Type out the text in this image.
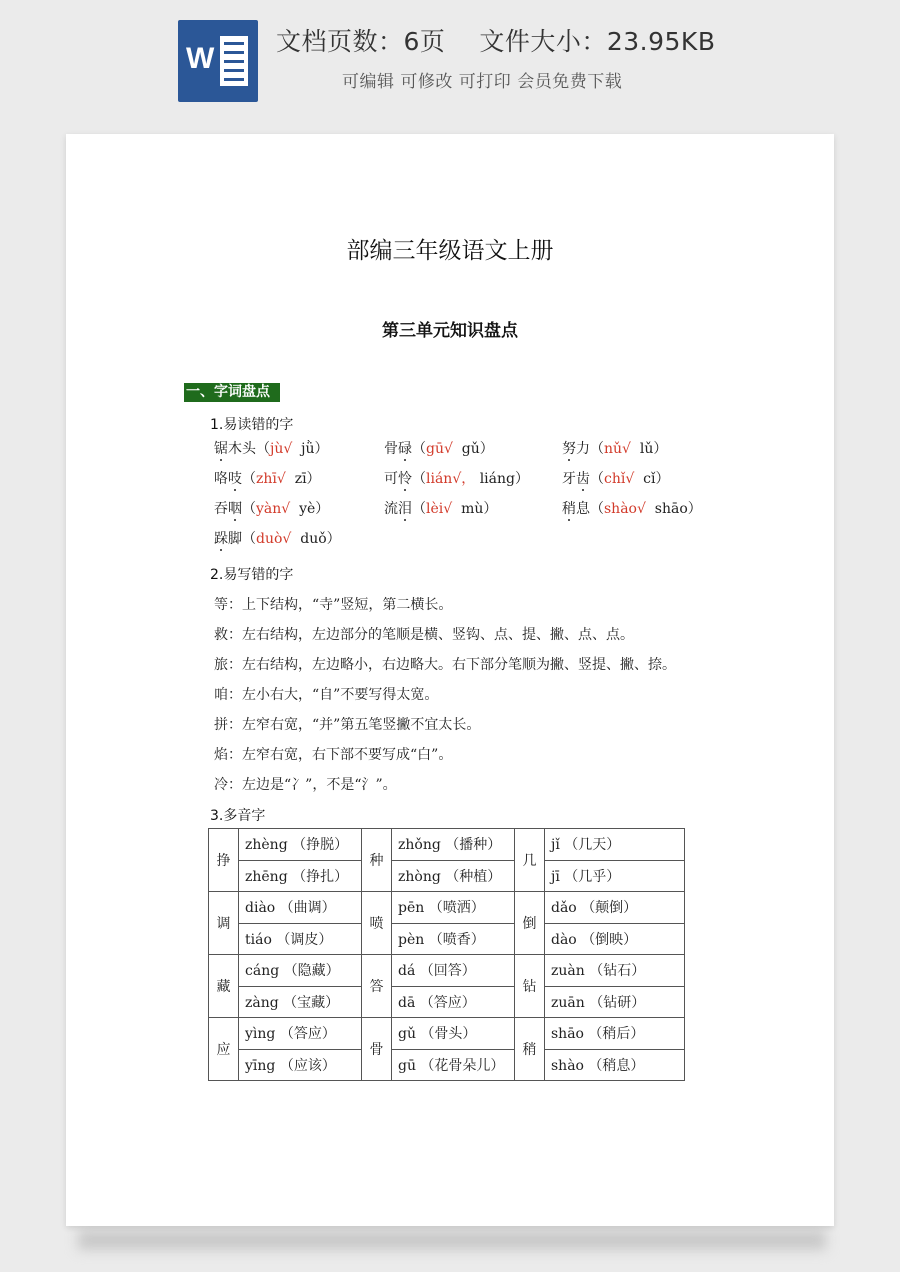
W
文档页数：6页　 文件大小：23.95KB
可编辑 可修改 可打印 会员免费下载
部编三年级语文上册
第三单元知识盘点
一、字词盘点
1.易读错的字
锯木头（jù√  jǜ）	骨碌（gū√  gǔ）	努力（nǔ√  lǔ）
咯吱（zhī√  zī）	可怜（lián√， liáng） 牙齿（chǐ√  cǐ）
吞咽（yàn√  yè）	流泪（lèi√  mù）	稍息（shào√  shāo）
跺脚（duò√  duǒ）
2.易写错的字
等：上下结构，“寺”竖短，第二横长。
救：左右结构，左边部分的笔顺是横、竖钩、点、提、撇、点、点。
旅：左右结构，左边略小，右边略大。右下部分笔顺为撇、竖提、撇、捺。
咱：左小右大，“自”不要写得太宽。
拼：左窄右宽，“并”第五笔竖撇不宜太长。
焰：左窄右宽，右下部不要写成“白”。
冷：左边是“冫”，不是“氵”。
3.多音字
挣	zhèng （挣脱）	种	zhǒng （播种）	几	jǐ （几天）
	zhēng （挣扎）		zhòng （种植）		jī （几乎）
调	diào （曲调）	喷	pēn （喷洒）	倒	dǎo （颠倒）
	tiáo （调皮）		pèn （喷香）		dào （倒映）
藏	cáng （隐藏）	答	dá （回答）	钻	zuàn （钻石）
	zàng （宝藏）		dā （答应）		zuān （钻研）
应	yìng （答应）	骨	gǔ （骨头）	稍	shāo （稍后）
	yīng （应该）		gū （花骨朵儿）		shào （稍息）
